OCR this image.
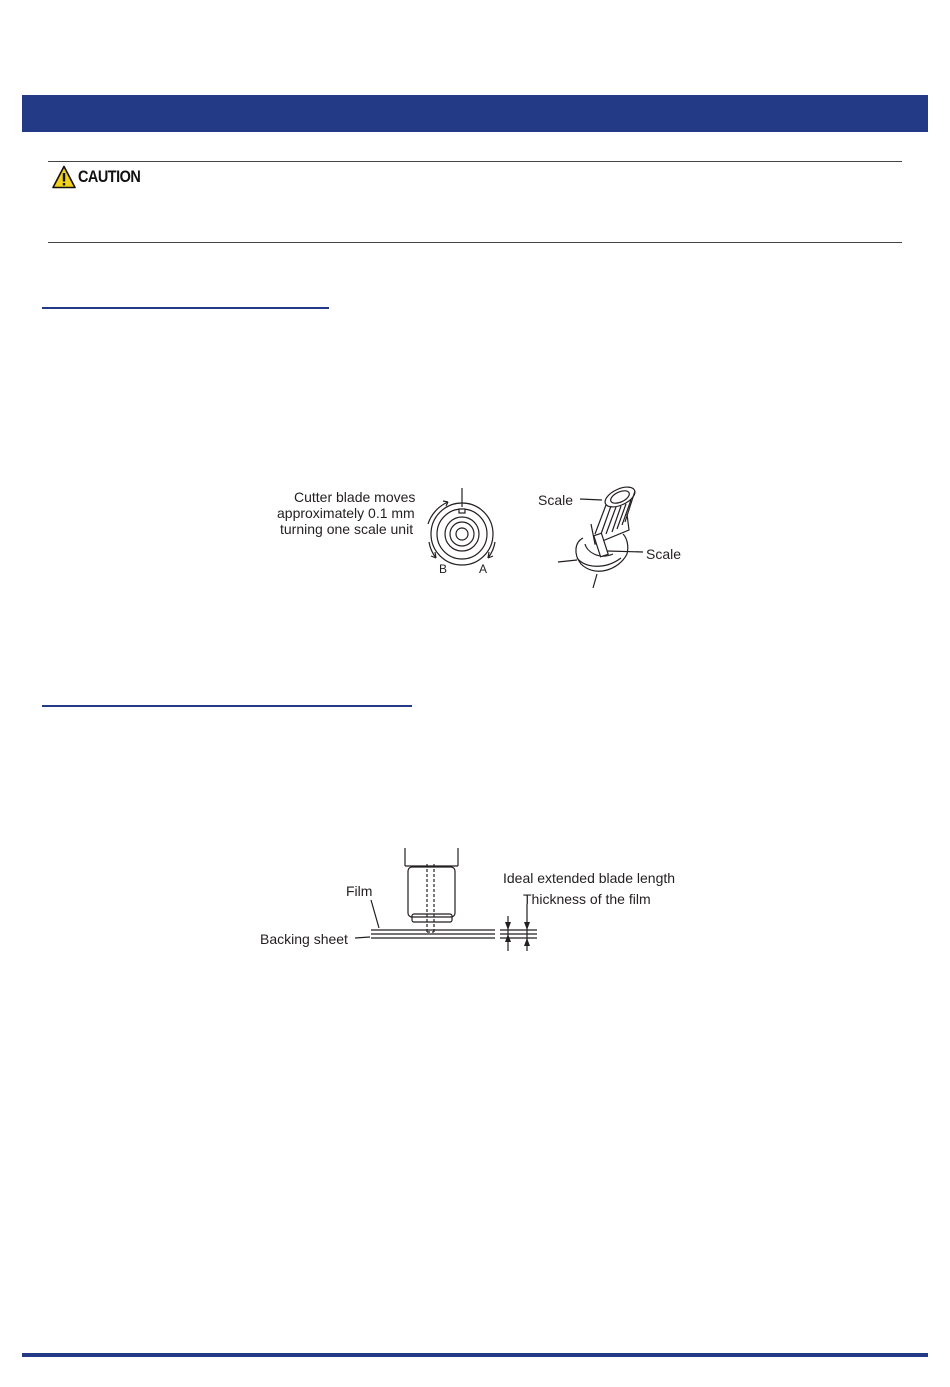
CAUTION
Cutter blade moves
approximately 0.1 mm
turning one scale unit
B	A
Scale
Scale
Film
Backing sheet
Ideal extended blade length
Thickness of the film
